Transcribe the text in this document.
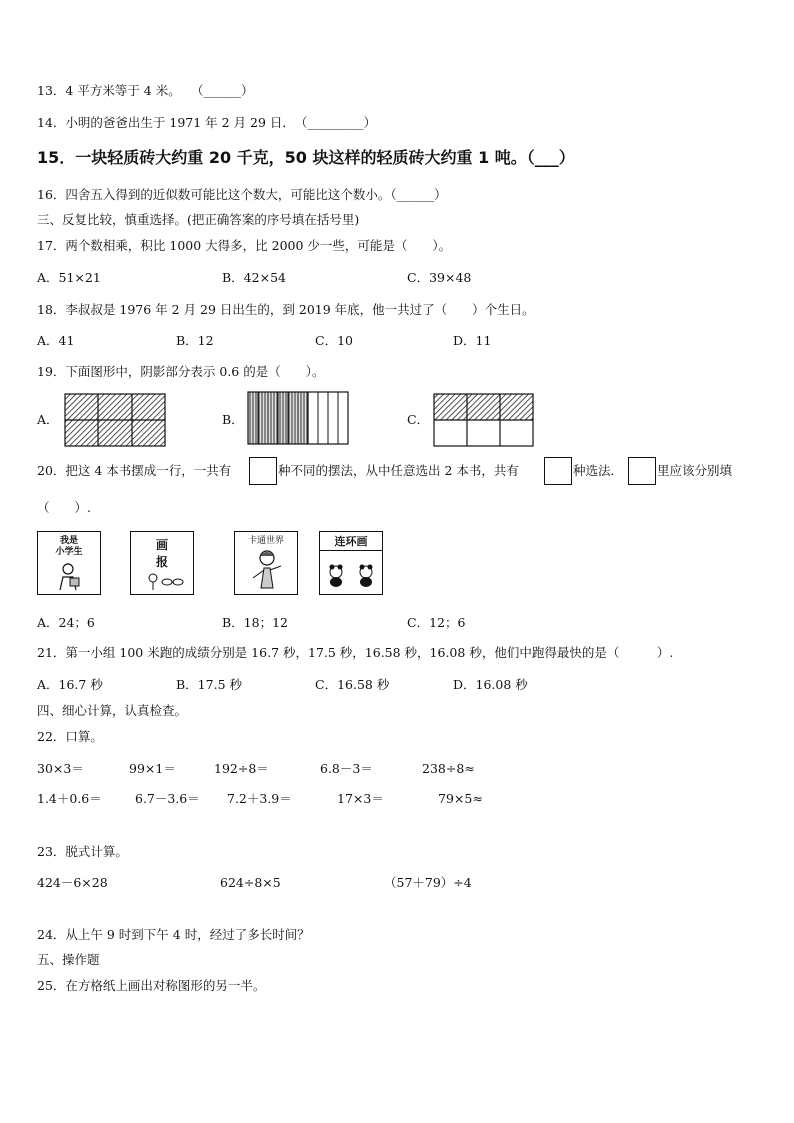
13．4 平方米等于 4 米。　 （______）
14．小明的爸爸出生于 1971 年 2 月 29 日．　（_________）
15．一块轻质砖大约重 20 千克，50 块这样的轻质砖大约重 1 吨。（___）
16．四舍五入得到的近似数可能比这个数大，可能比这个数小。（______）
三、反复比较，慎重选择。(把正确答案的序号填在括号里)
17．两个数相乘，积比 1000 大得多，比 2000 少一些，可能是（　　）。
A．51×21	B．42×54	C．39×48
18．李叔叔是 1976 年 2 月 29 日出生的，到 2019 年底，他一共过了（　　）个生日。
A．41	B．12	C．10	D．11
19．下面图形中，阴影部分表示 0.6 的是（　　）。
A．	B．	C．
20．把这 4 本书摆成一行，一共有	种不同的摆法，从中任意选出 2 本书，共有	种选法．	里应该分别填
（　　）.
我是
小学生	画
报
卡通世界	连环画
A．24；6	B．18；12	C．12；6
21．第一小组 100 米跑的成绩分别是 16.7 秒，17.5 秒，16.58 秒，16.08 秒，他们中跑得最快的是（　　　）.
A．16.7 秒	B．17.5 秒	C．16.58 秒	D．16.08 秒
四、细心计算，认真检查。
22．口算。
30×3＝	99×1＝	192÷8＝	6.8－3＝	238÷8≈
1.4＋0.6＝	6.7－3.6＝ 7.2＋3.9＝	17×3＝	79×5≈
23．脱式计算。
424－6×28	624÷8×5	（57＋79）÷4
24．从上午 9 时到下午 4 时，经过了多长时间？
五、操作题
25．在方格纸上画出对称图形的另一半。
